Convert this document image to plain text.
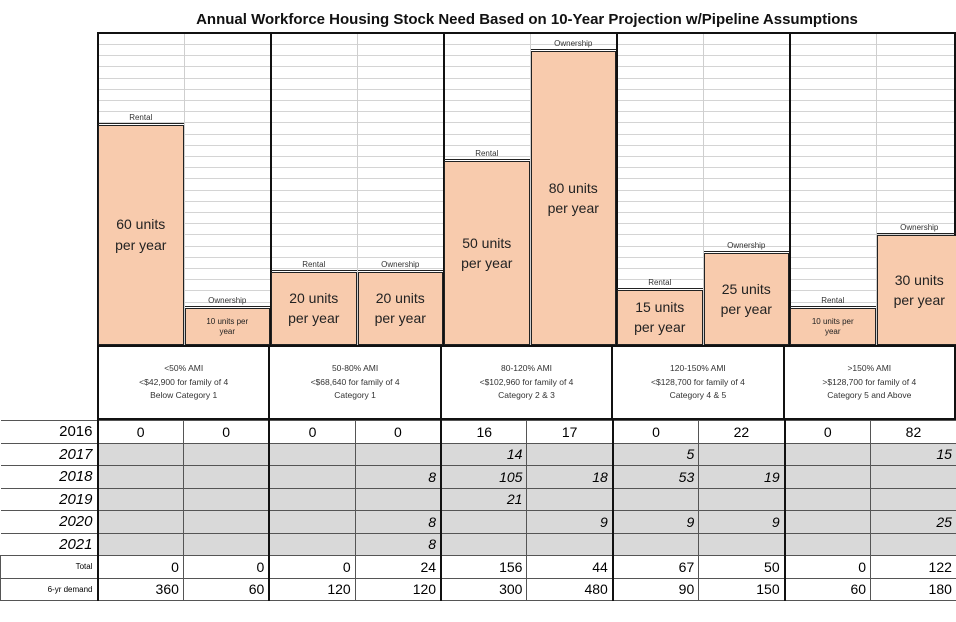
Annual Workforce Housing Stock Need Based on 10-Year Projection w/Pipeline Assumptions
60 units
per year
Rental
10 units per
year
Ownership	20 units
per year
Rental
20 units
per year
Ownership
50 units
per year
Rental
80 units
per year
Ownership
15 units
per year
Rental	25 units
per year
Ownership
10 units per
year
Rental
30 units
per year
Ownership
<50% AMI
<$42,900 for family of 4
Below Category 1
50-80% AMI
<$68,640 for family of 4
Category 1
80-120% AMI
<$102,960 for family of 4
Category 2 & 3
120-150% AMI
<$128,700 for family of 4
Category 4 & 5
>150% AMI
>$128,700 for family of 4
Category 5 and Above
2016	0	0	0	0	16	17	0	22	0	82
2017					14		5			15
2018				8	105	18	53	19		
2019					21					
2020				8		9	9	9		25
2021				8						
Total	0	0	0	24	156	44	67	50	0	122
6-yr demand	360	60	120	120	300	480	90	150	60	180
